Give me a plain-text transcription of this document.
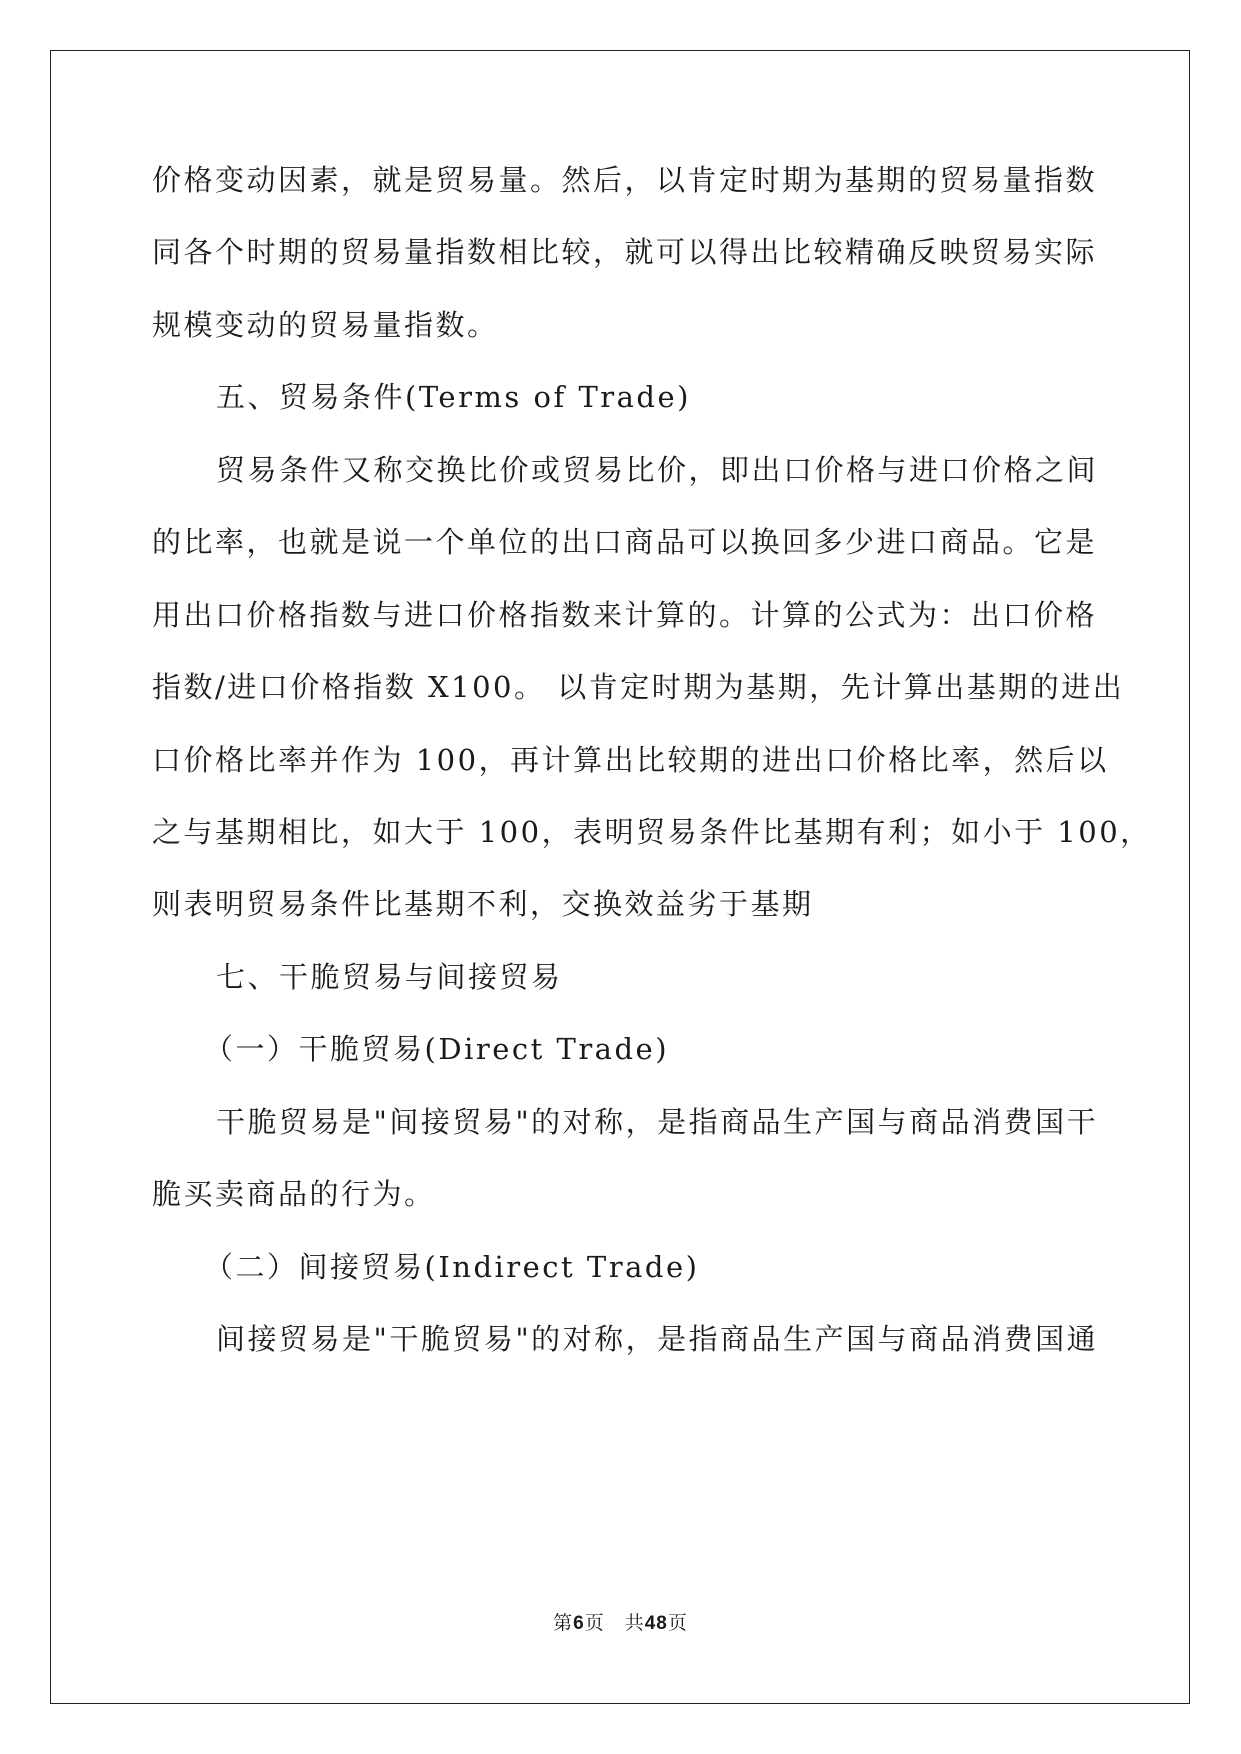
价格变动因素，就是贸易量。然后，以肯定时期为基期的贸易量指数
同各个时期的贸易量指数相比较，就可以得出比较精确反映贸易实际
规模变动的贸易量指数。
五、贸易条件(Terms of Trade)
贸易条件又称交换比价或贸易比价，即出口价格与进口价格之间
的比率，也就是说一个单位的出口商品可以换回多少进口商品。它是
用出口价格指数与进口价格指数来计算的。计算的公式为：出口价格
指数/进口价格指数 X100。 以肯定时期为基期，先计算出基期的进出
口价格比率并作为 100，再计算出比较期的进出口价格比率，然后以
之与基期相比，如大于 100，表明贸易条件比基期有利；如小于 100，
则表明贸易条件比基期不利，交换效益劣于基期
七、干脆贸易与间接贸易
（一）干脆贸易(Direct Trade)
干脆贸易是"间接贸易"的对称，是指商品生产国与商品消费国干
脆买卖商品的行为。
（二）间接贸易(Indirect Trade)
间接贸易是"干脆贸易"的对称，是指商品生产国与商品消费国通
第6页　共48页
